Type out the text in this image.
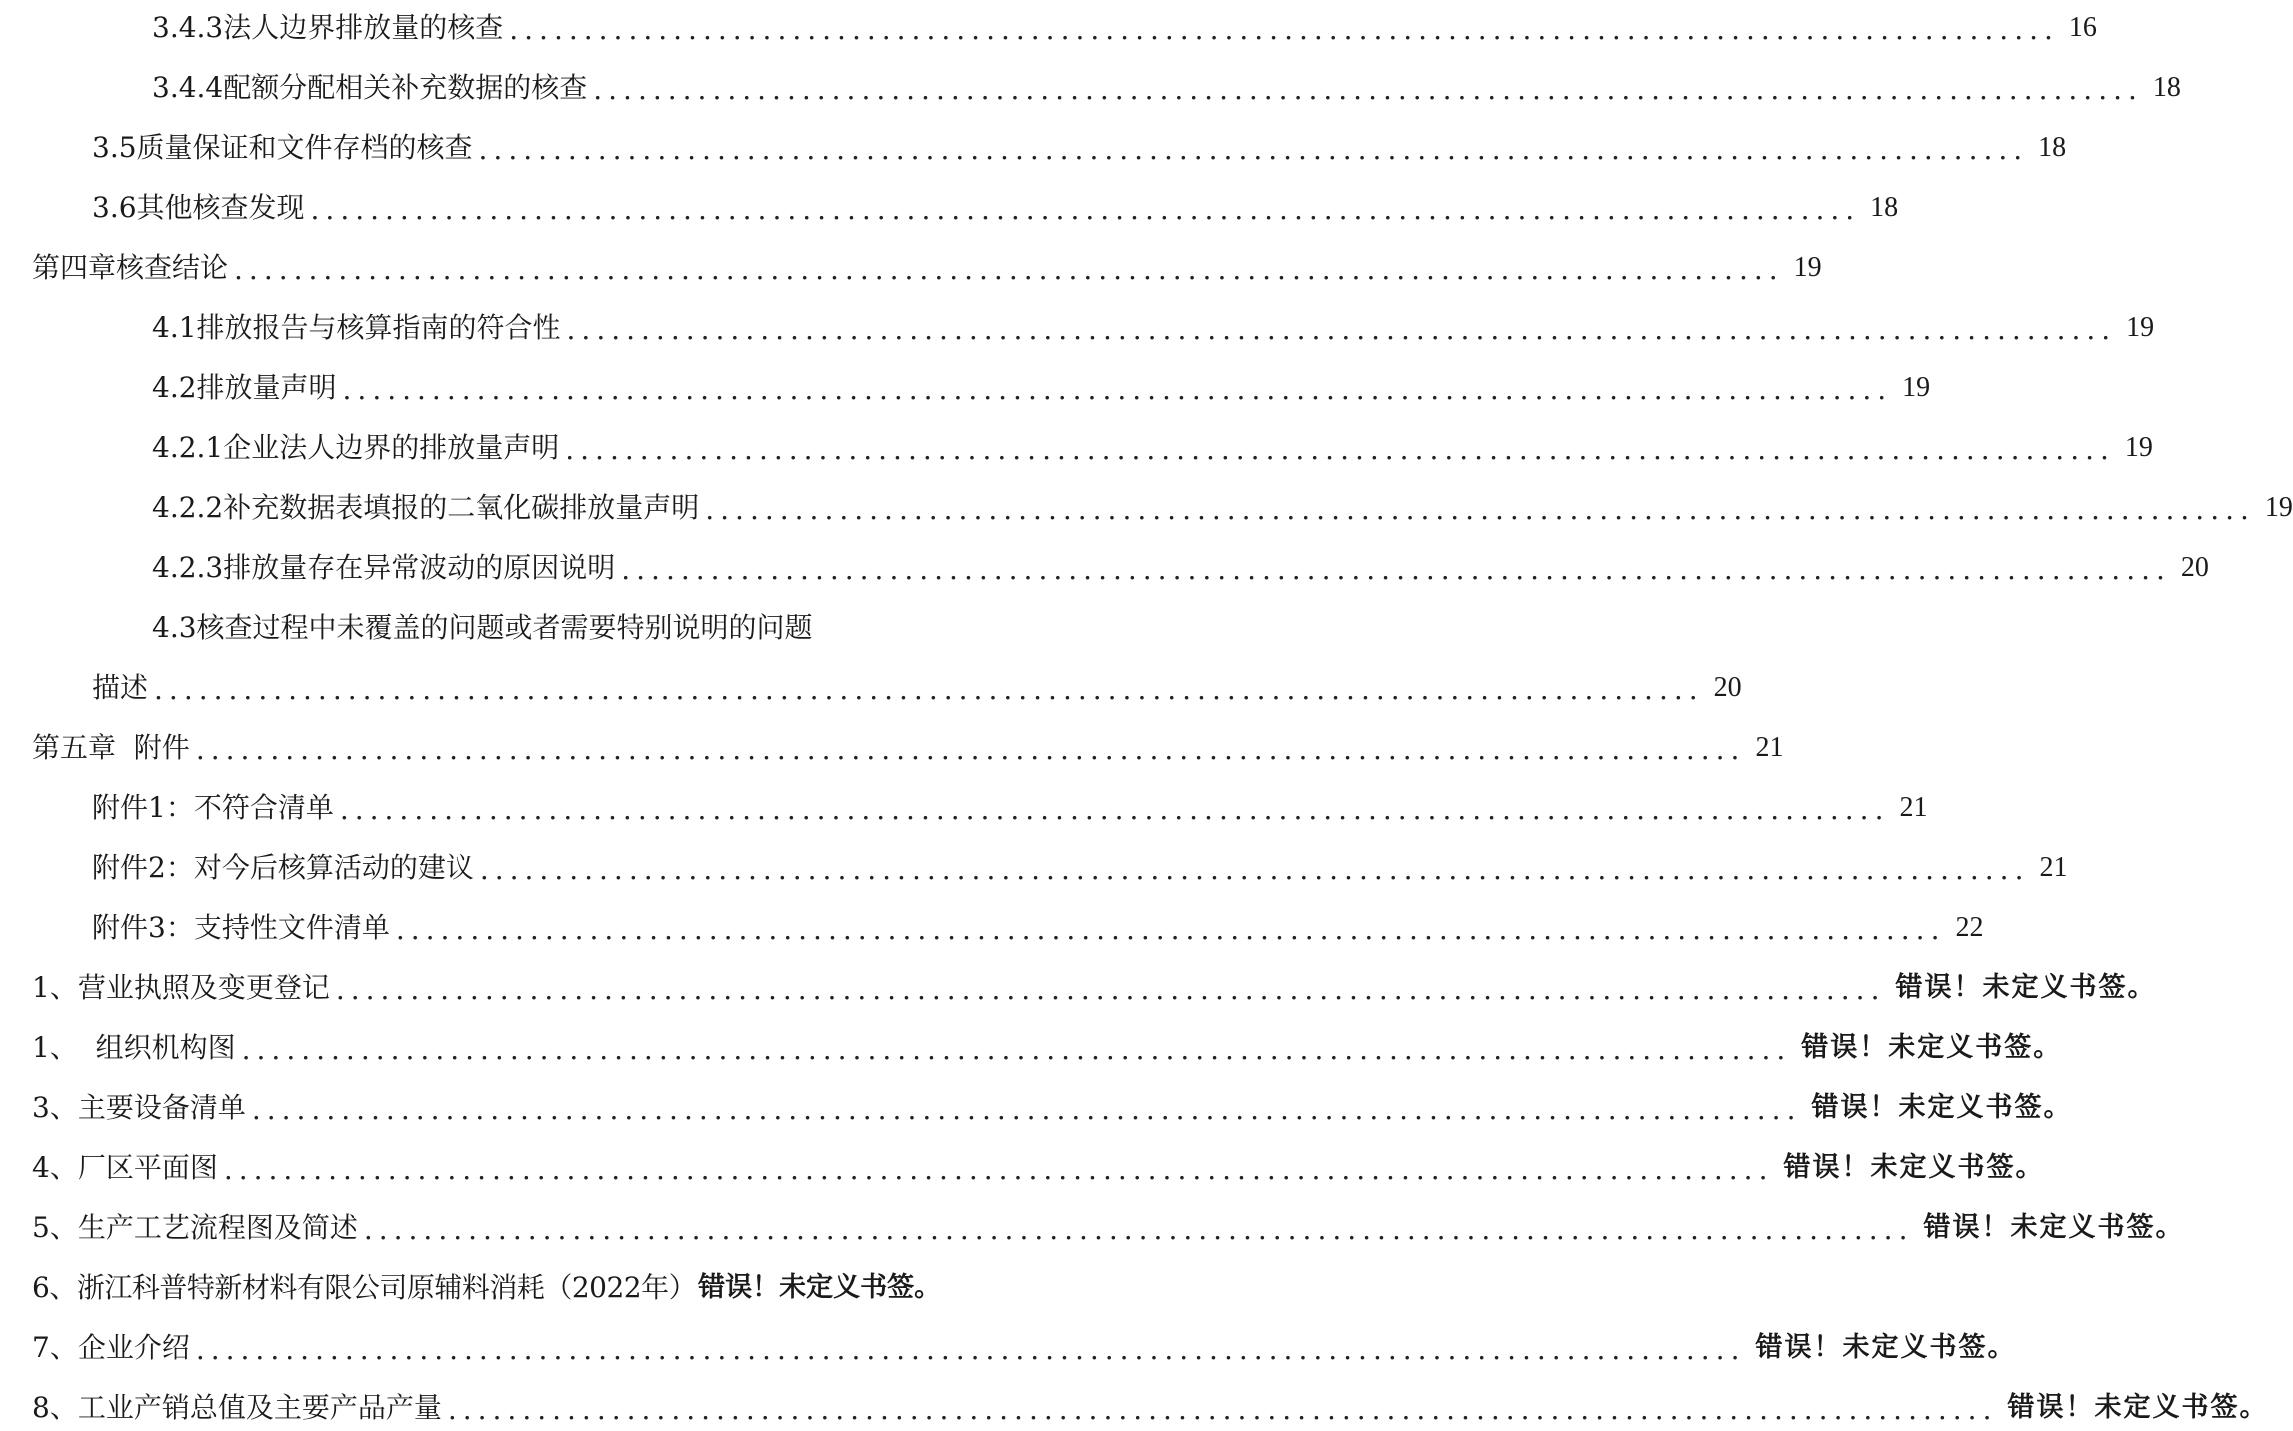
3.4.3法人边界排放量的核查 ........................................................................................................ 16
3.4.4配额分配相关补充数据的核查 ........................................................................................................ 18
3.5质量保证和文件存档的核查 ........................................................................................................ 18
3.6其他核查发现 ........................................................................................................ 18
第四章核查结论 ........................................................................................................ 19
4.1排放报告与核算指南的符合性 ........................................................................................................ 19
4.2排放量声明 ........................................................................................................ 19
4.2.1企业法人边界的排放量声明 ........................................................................................................ 19
4.2.2补充数据表填报的二氧化碳排放量声明 ........................................................................................................ 19
4.2.3排放量存在异常波动的原因说明 ........................................................................................................ 20
4.3核查过程中未覆盖的问题或者需要特别说明的问题
描述 ........................................................................................................ 20
第五章  附件 ........................................................................................................ 21
附件1：不符合清单 ........................................................................................................ 21
附件2：对今后核算活动的建议 ........................................................................................................ 21
附件3：支持性文件清单 ........................................................................................................ 22
1、营业执照及变更登记 ........................................................................................................ 错误！未定义书签。
1、  组织机构图 ........................................................................................................ 错误！未定义书签。
3、主要设备清单 ........................................................................................................ 错误！未定义书签。
4、厂区平面图 ........................................................................................................ 错误！未定义书签。
5、生产工艺流程图及简述 ........................................................................................................ 错误！未定义书签。
6、浙江科普特新材料有限公司原辅料消耗（2022年） 错误！未定义书签。
7、企业介绍 ........................................................................................................ 错误！未定义书签。
8、工业产销总值及主要产品产量 ........................................................................................................ 错误！未定义书签。
